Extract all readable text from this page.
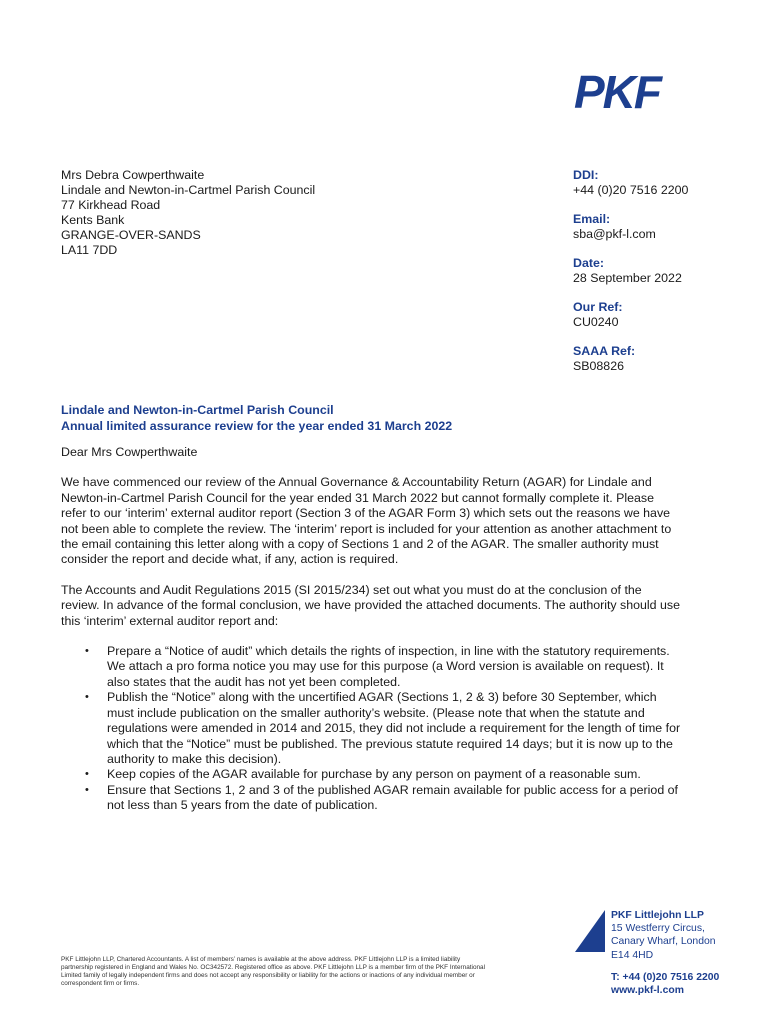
PKF
Mrs Debra Cowperthwaite
Lindale and Newton-in-Cartmel Parish Council
77 Kirkhead Road
Kents Bank
GRANGE-OVER-SANDS
LA11 7DD
DDI:
+44 (0)20 7516 2200
Email:
sba@pkf-l.com
Date:
28 September 2022
Our Ref:
CU0240
SAAA Ref:
SB08826
Lindale and Newton-in-Cartmel Parish Council
Annual limited assurance review for the year ended 31 March 2022

Dear Mrs Cowperthwaite

We have commenced our review of the Annual Governance & Accountability Return (AGAR) for Lindale and Newton-in-Cartmel Parish Council for the year ended 31 March 2022 but cannot formally complete it. Please refer to our ‘interim’ external auditor report (Section 3 of the AGAR Form 3) which sets out the reasons we have not been able to complete the review. The ‘interim’ report is included for your attention as another attachment to the email containing this letter along with a copy of Sections 1 and 2 of the AGAR. The smaller authority must consider the report and decide what, if any, action is required.

The Accounts and Audit Regulations 2015 (SI 2015/234) set out what you must do at the conclusion of the review. In advance of the formal conclusion, we have provided the attached documents. The authority should use this ‘interim’ external auditor report and:

• Prepare a “Notice of audit” which details the rights of inspection, in line with the statutory requirements. We attach a pro forma notice you may use for this purpose (a Word version is available on request). It also states that the audit has not yet been completed.
• Publish the “Notice” along with the uncertified AGAR (Sections 1, 2 & 3) before 30 September, which must include publication on the smaller authority’s website. (Please note that when the statute and regulations were amended in 2014 and 2015, they did not include a requirement for the length of time for which that the “Notice” must be published. The previous statute required 14 days; but it is now up to the authority to make this decision).
• Keep copies of the AGAR available for purchase by any person on payment of a reasonable sum.
• Ensure that Sections 1, 2 and 3 of the published AGAR remain available for public access for a period of not less than 5 years from the date of publication.
PKF Littlejohn LLP, Chartered Accountants. A list of members’ names is available at the above address. PKF Littlejohn LLP is a limited liability partnership registered in England and Wales No. OC342572. Registered office as above. PKF Littlejohn LLP is a member firm of the PKF International Limited family of legally independent firms and does not accept any responsibility or liability for the actions or inactions of any individual member or correspondent firm or firms.
PKF Littlejohn LLP
15 Westferry Circus,
Canary Wharf, London
E14 4HD
T: +44 (0)20 7516 2200
www.pkf-l.com
